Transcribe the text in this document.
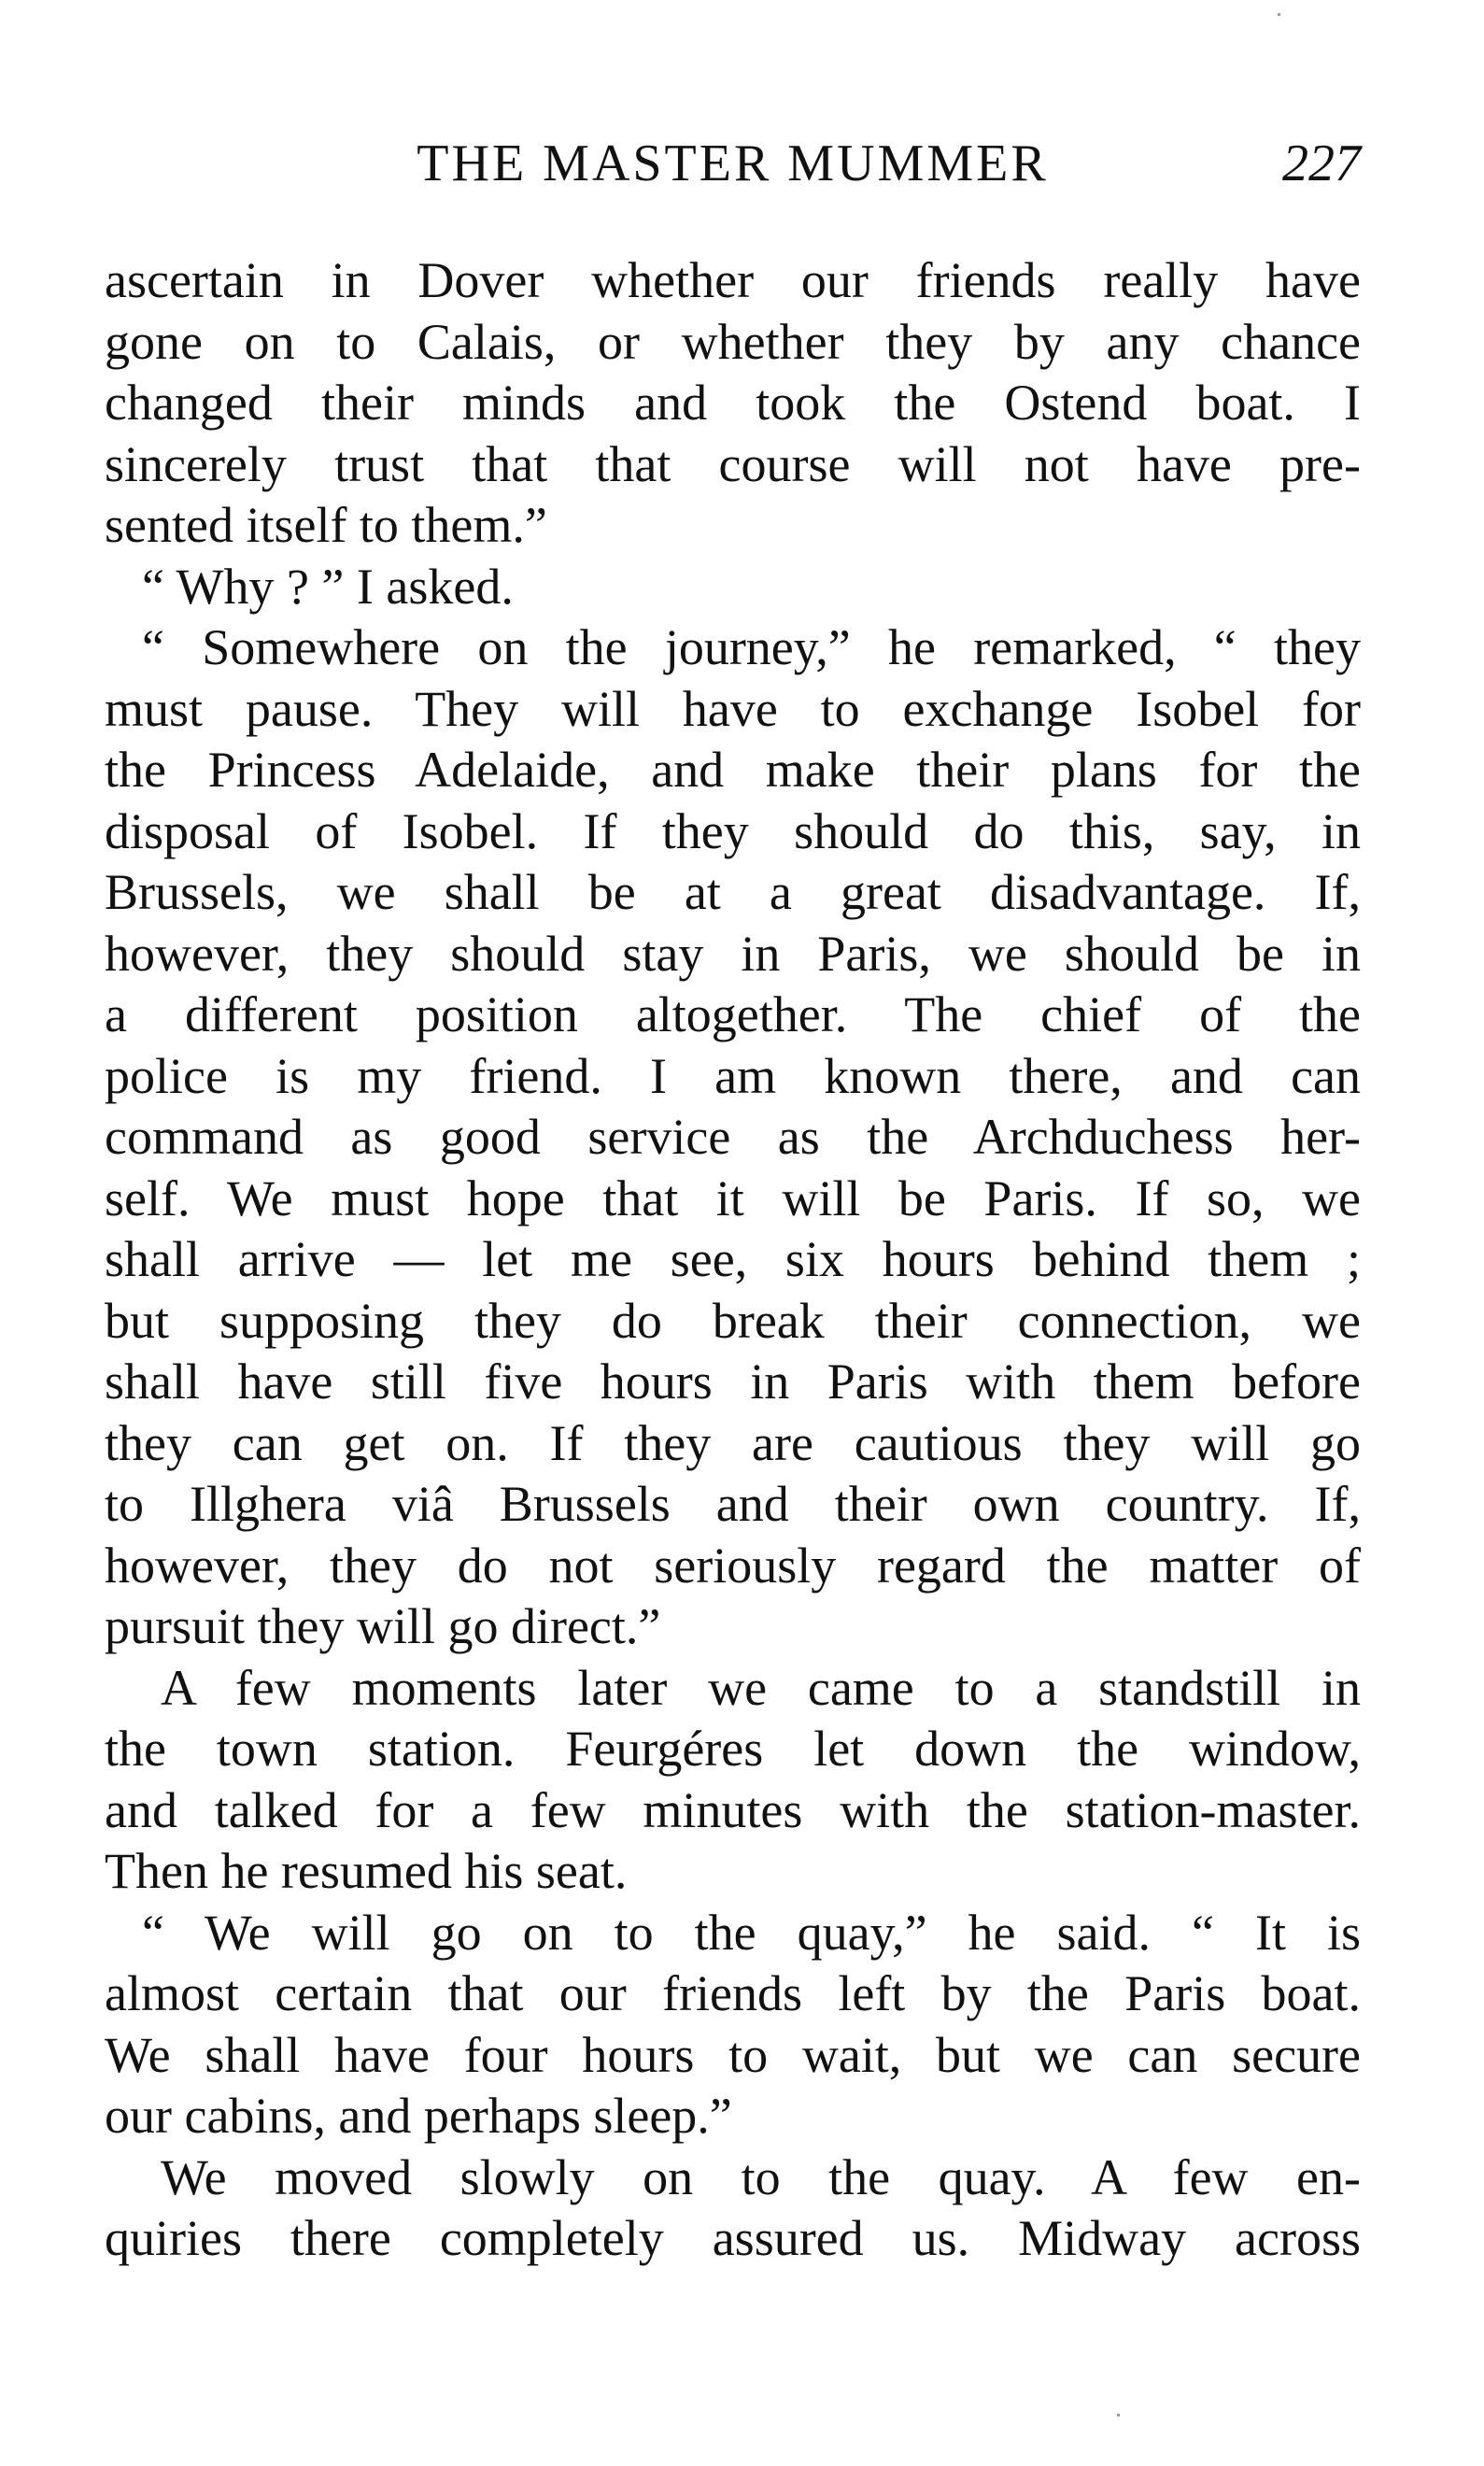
THE MASTER MUMMER	227
ascertain in Dover whether our friends really have
gone on to Calais, or whether they by any chance
changed their minds and took the Ostend boat. I
sincerely trust that that course will not have pre-
sented itself to them.”
“ Why ? ” I asked.
“ Somewhere on the journey,” he remarked, “ they
must pause. They will have to exchange Isobel for
the Princess Adelaide, and make their plans for the
disposal of Isobel. If they should do this, say, in
Brussels, we shall be at a great disadvantage. If,
however, they should stay in Paris, we should be in
a different position altogether. The chief of the
police is my friend. I am known there, and can
command as good service as the Archduchess her-
self. We must hope that it will be Paris. If so, we
shall arrive — let me see, six hours behind them ;
but supposing they do break their connection, we
shall have still five hours in Paris with them before
they can get on. If they are cautious they will go
to Illghera viâ Brussels and their own country. If,
however, they do not seriously regard the matter of
pursuit they will go direct.”
A few moments later we came to a standstill in
the town station. Feurgéres let down the window,
and talked for a few minutes with the station-master.
Then he resumed his seat.
“ We will go on to the quay,” he said. “ It is
almost certain that our friends left by the Paris boat.
We shall have four hours to wait, but we can secure
our cabins, and perhaps sleep.”
We moved slowly on to the quay. A few en-
quiries there completely assured us. Midway across
